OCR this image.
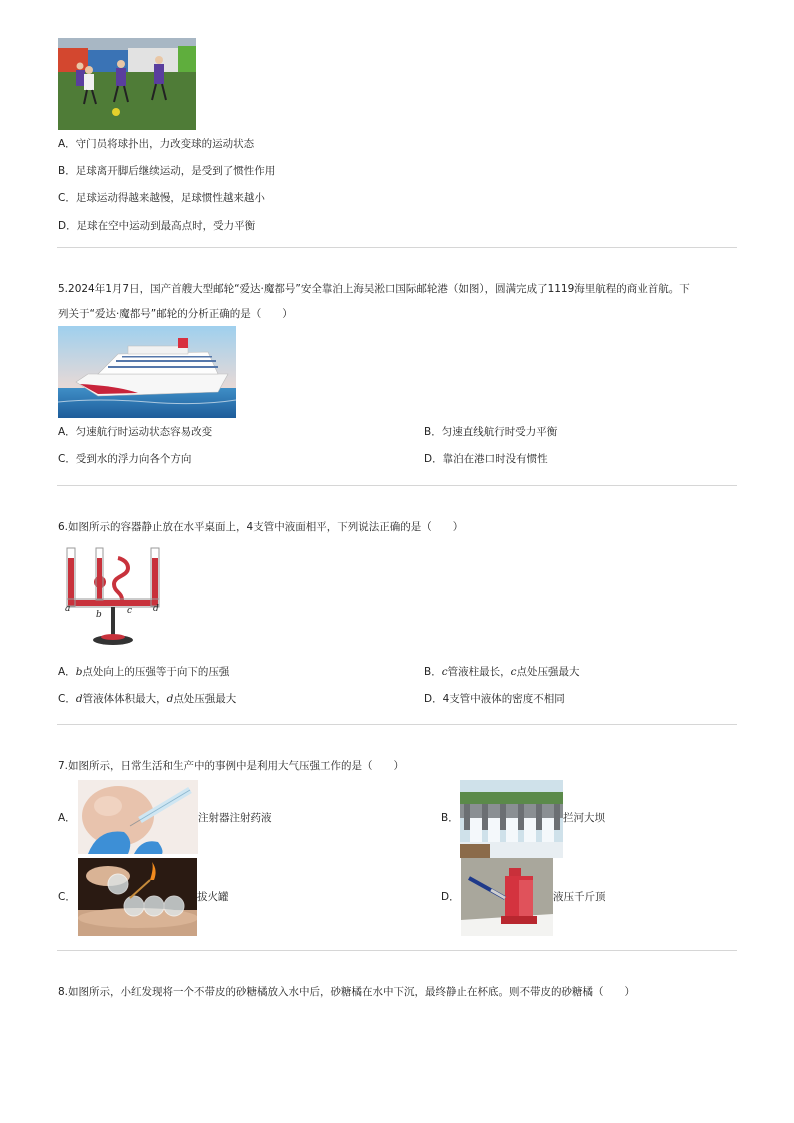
A．守门员将球扑出，力改变球的运动状态
B．足球离开脚后继续运动，是受到了惯性作用
C．足球运动得越来越慢，足球惯性越来越小
D．足球在空中运动到最高点时，受力平衡
5.2024年1月7日，国产首艘大型邮轮“爱达·魔都号”安全靠泊上海吴淞口国际邮轮港（如图），圆满完成了1119海里航程的商业首航。下
列关于“爱达·魔都号”邮轮的分析正确的是（　　）
A．匀速航行时运动状态容易改变	B．匀速直线航行时受力平衡
C．受到水的浮力向各个方向	D．靠泊在港口时没有惯性
6.如图所示的容器静止放在水平桌面上，4支管中液面相平，下列说法正确的是（　　）
a
b	c d
A．b点处向上的压强等于向下的压强	B．c管液柱最长，c点处压强最大
C．d管液体体积最大，d点处压强最大	D．4支管中液体的密度不相同
7.如图所示，日常生活和生产中的事例中是利用大气压强工作的是（　　）
A．	注射器注射药液	B．	拦河大坝
C．	拔火罐	D．	液压千斤顶
8.如图所示，小红发现将一个不带皮的砂糖橘放入水中后，砂糖橘在水中下沉，最终静止在杯底。则不带皮的砂糖橘（　　）
